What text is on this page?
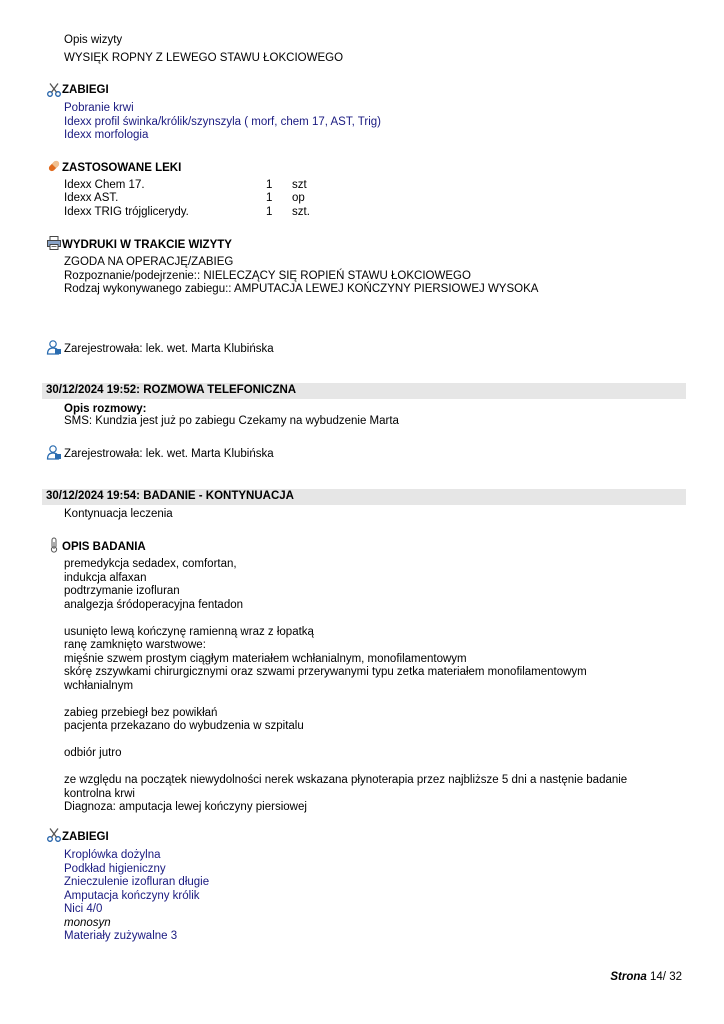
Opis wizyty
WYSIĘK ROPNY Z LEWEGO STAWU ŁOKCIOWEGO
ZABIEGI
Pobranie krwi
Idexx profil świnka/królik/szynszyla ( morf, chem 17, AST, Trig)
Idexx morfologia
ZASTOSOWANE LEKI
Idexx Chem 17.	1 szt
Idexx AST.	1 op
Idexx TRIG trójglicerydy.	1 szt.
WYDRUKI W TRAKCIE WIZYTY
ZGODA NA OPERACJĘ/ZABIEG
Rozpoznanie/podejrzenie:: NIELECZĄCY SIĘ ROPIEŃ STAWU ŁOKCIOWEGO
Rodzaj wykonywanego zabiegu:: AMPUTACJA LEWEJ KOŃCZYNY PIERSIOWEJ WYSOKA
Zarejestrowała: lek. wet. Marta Klubińska
30/12/2024 19:52: ROZMOWA TELEFONICZNA
Opis rozmowy:
SMS: Kundzia jest już po zabiegu Czekamy na wybudzenie Marta
Zarejestrowała: lek. wet. Marta Klubińska
30/12/2024 19:54: BADANIE - KONTYNUACJA
Kontynuacja leczenia
OPIS BADANIA
premedykcja sedadex, comfortan,
indukcja alfaxan
podtrzymanie izofluran
analgezja śródoperacyjna fentadon
usunięto lewą kończynę ramienną wraz z łopatką
ranę zamknięto warstwowe:
mięśnie szwem prostym ciągłym materiałem wchłanialnym, monofilamentowym
skórę zszywkami chirurgicznymi oraz szwami przerywanymi typu zetka materiałem monofilamentowym
wchłanialnym
zabieg przebiegł bez powikłań
pacjenta przekazano do wybudzenia w szpitalu
odbiór jutro
ze względu na początek niewydolności nerek wskazana płynoterapia przez najbliższe 5 dni a nastęnie badanie
kontrolna krwi
Diagnoza: amputacja lewej kończyny piersiowej
ZABIEGI
Kroplówka dożylna
Podkład higieniczny
Znieczulenie izofluran długie
Amputacja kończyny królik
Nici 4/0
monosyn
Materiały zużywalne 3
Strona 14/ 32
